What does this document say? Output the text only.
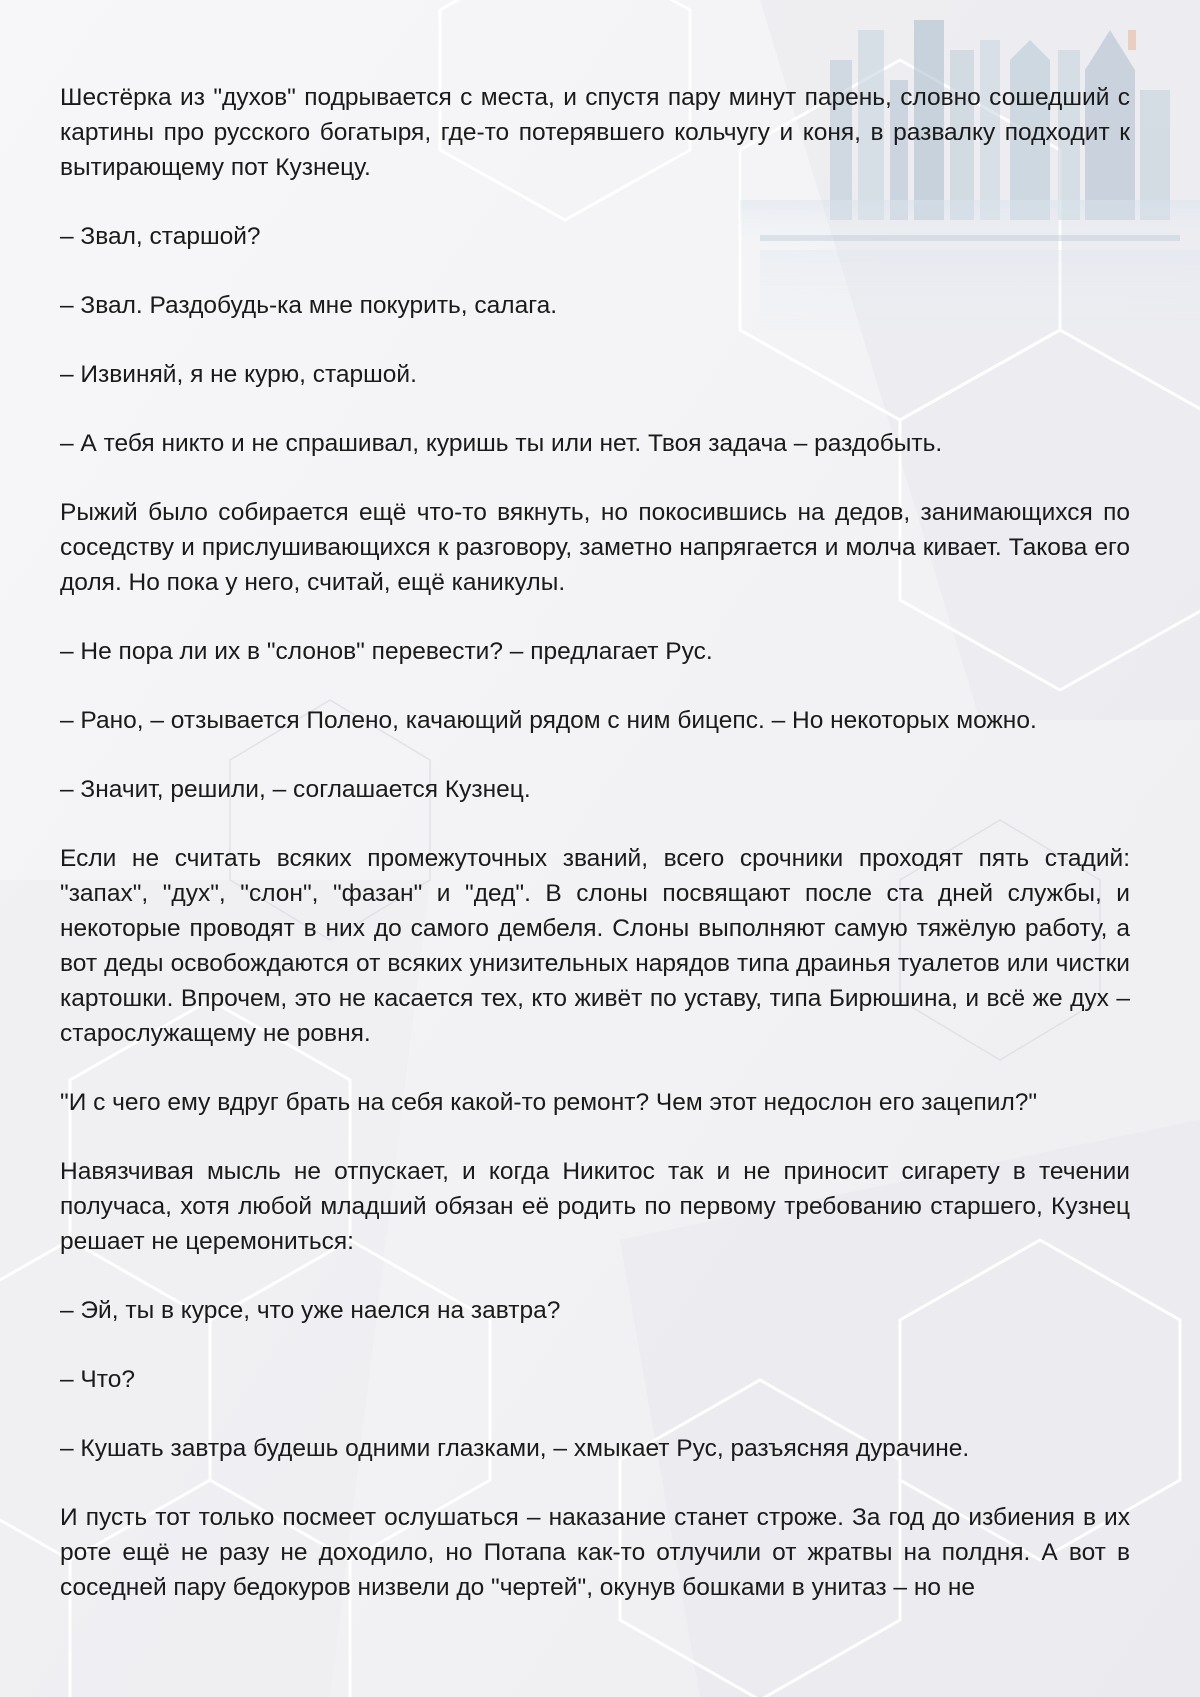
Шестёрка из "духов" подрывается с места, и спустя пару минут парень, словно сошедший с картины про русского богатыря, где-то потерявшего кольчугу и коня, в развалку подходит к вытирающему пот Кузнецу.

– Звал, старшой?

– Звал. Раздобудь-ка мне покурить, салага.

– Извиняй, я не курю, старшой.

– А тебя никто и не спрашивал, куришь ты или нет. Твоя задача – раздобыть.

Рыжий было собирается ещё что-то вякнуть, но покосившись на дедов, занимающихся по соседству и прислушивающихся к разговору, заметно напрягается и молча кивает. Такова его доля. Но пока у него, считай, ещё каникулы.

– Не пора ли их в "слонов" перевести? – предлагает Рус.

– Рано, – отзывается Полено, качающий рядом с ним бицепс. – Но некоторых можно.

– Значит, решили, – соглашается Кузнец.

Если не считать всяких промежуточных званий, всего срочники проходят пять стадий: "запах", "дух", "слон", "фазан" и "дед". В слоны посвящают после ста дней службы, и некоторые проводят в них до самого дембеля. Слоны выполняют самую тяжёлую работу, а вот деды освобождаются от всяких унизительных нарядов типа драинья туалетов или чистки картошки. Впрочем, это не касается тех, кто живёт по уставу, типа Бирюшина, и всё же дух – старослужащему не ровня.

"И с чего ему вдруг брать на себя какой-то ремонт? Чем этот недослон его зацепил?"

Навязчивая мысль не отпускает, и когда Никитос так и не приносит сигарету в течении получаса, хотя любой младший обязан её родить по первому требованию старшего, Кузнец решает не церемониться:

– Эй, ты в курсе, что уже наелся на завтра?

– Что?

– Кушать завтра будешь одними глазками, – хмыкает Рус, разъясняя дурачине.

И пусть тот только посмеет ослушаться – наказание станет строже. За год до избиения в их роте ещё не разу не доходило, но Потапа как-то отлучили от жратвы на полдня. А вот в соседней пару бедокуров низвели до "чертей", окунув бошками в унитаз – но не
